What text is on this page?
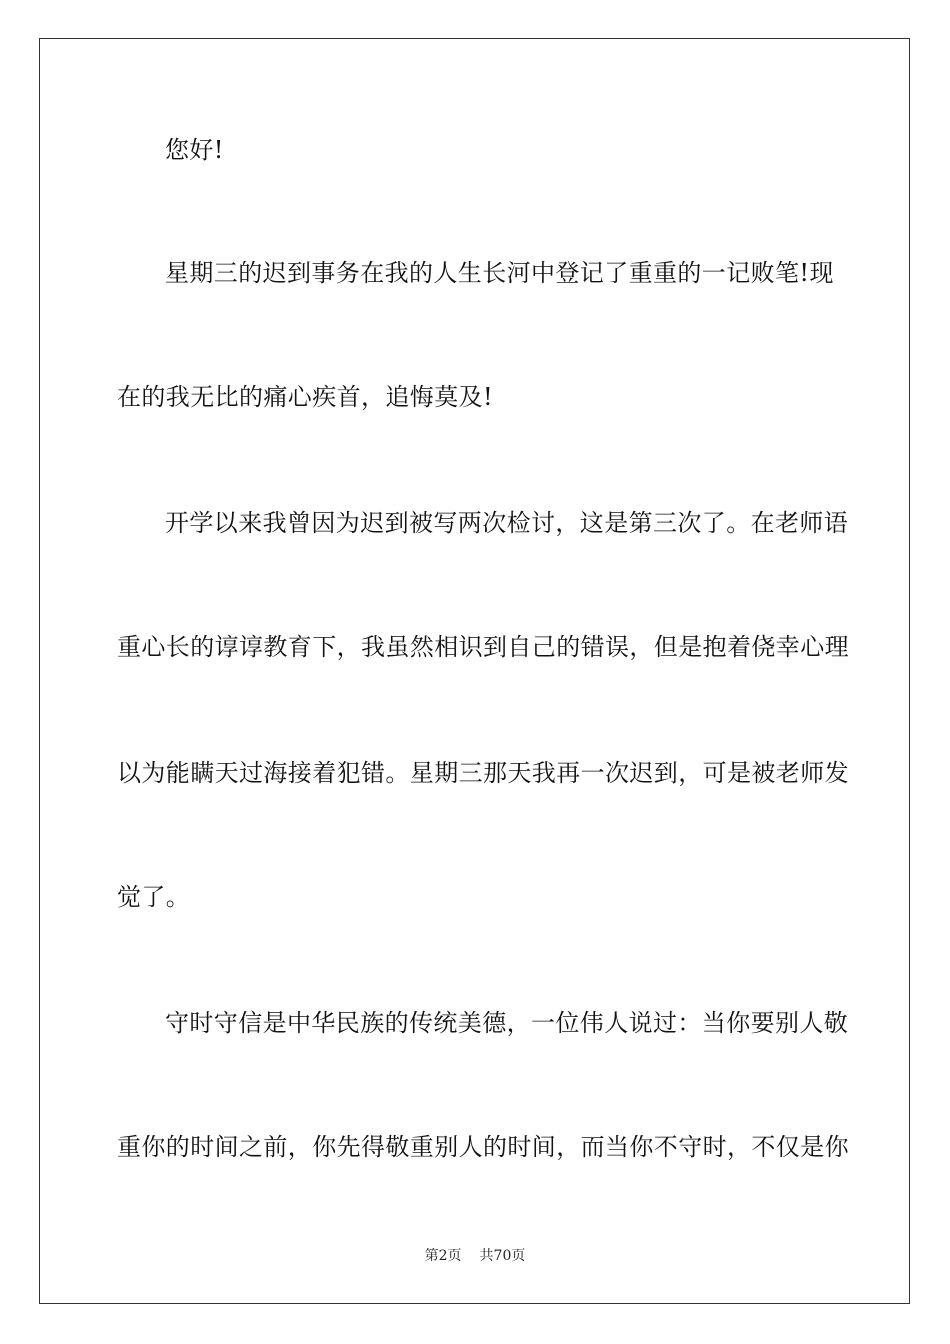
您好!
星期三的迟到事务在我的人生长河中登记了重重的一记败笔!现
在的我无比的痛心疾首，追悔莫及!
开学以来我曾因为迟到被写两次检讨，这是第三次了。在老师语
重心长的谆谆教育下，我虽然相识到自己的错误，但是抱着侥幸心理
以为能瞒天过海接着犯错。星期三那天我再一次迟到，可是被老师发
觉了。
守时守信是中华民族的传统美德，一位伟人说过：当你要别人敬
重你的时间之前，你先得敬重别人的时间，而当你不守时，不仅是你
第2页 共70页
